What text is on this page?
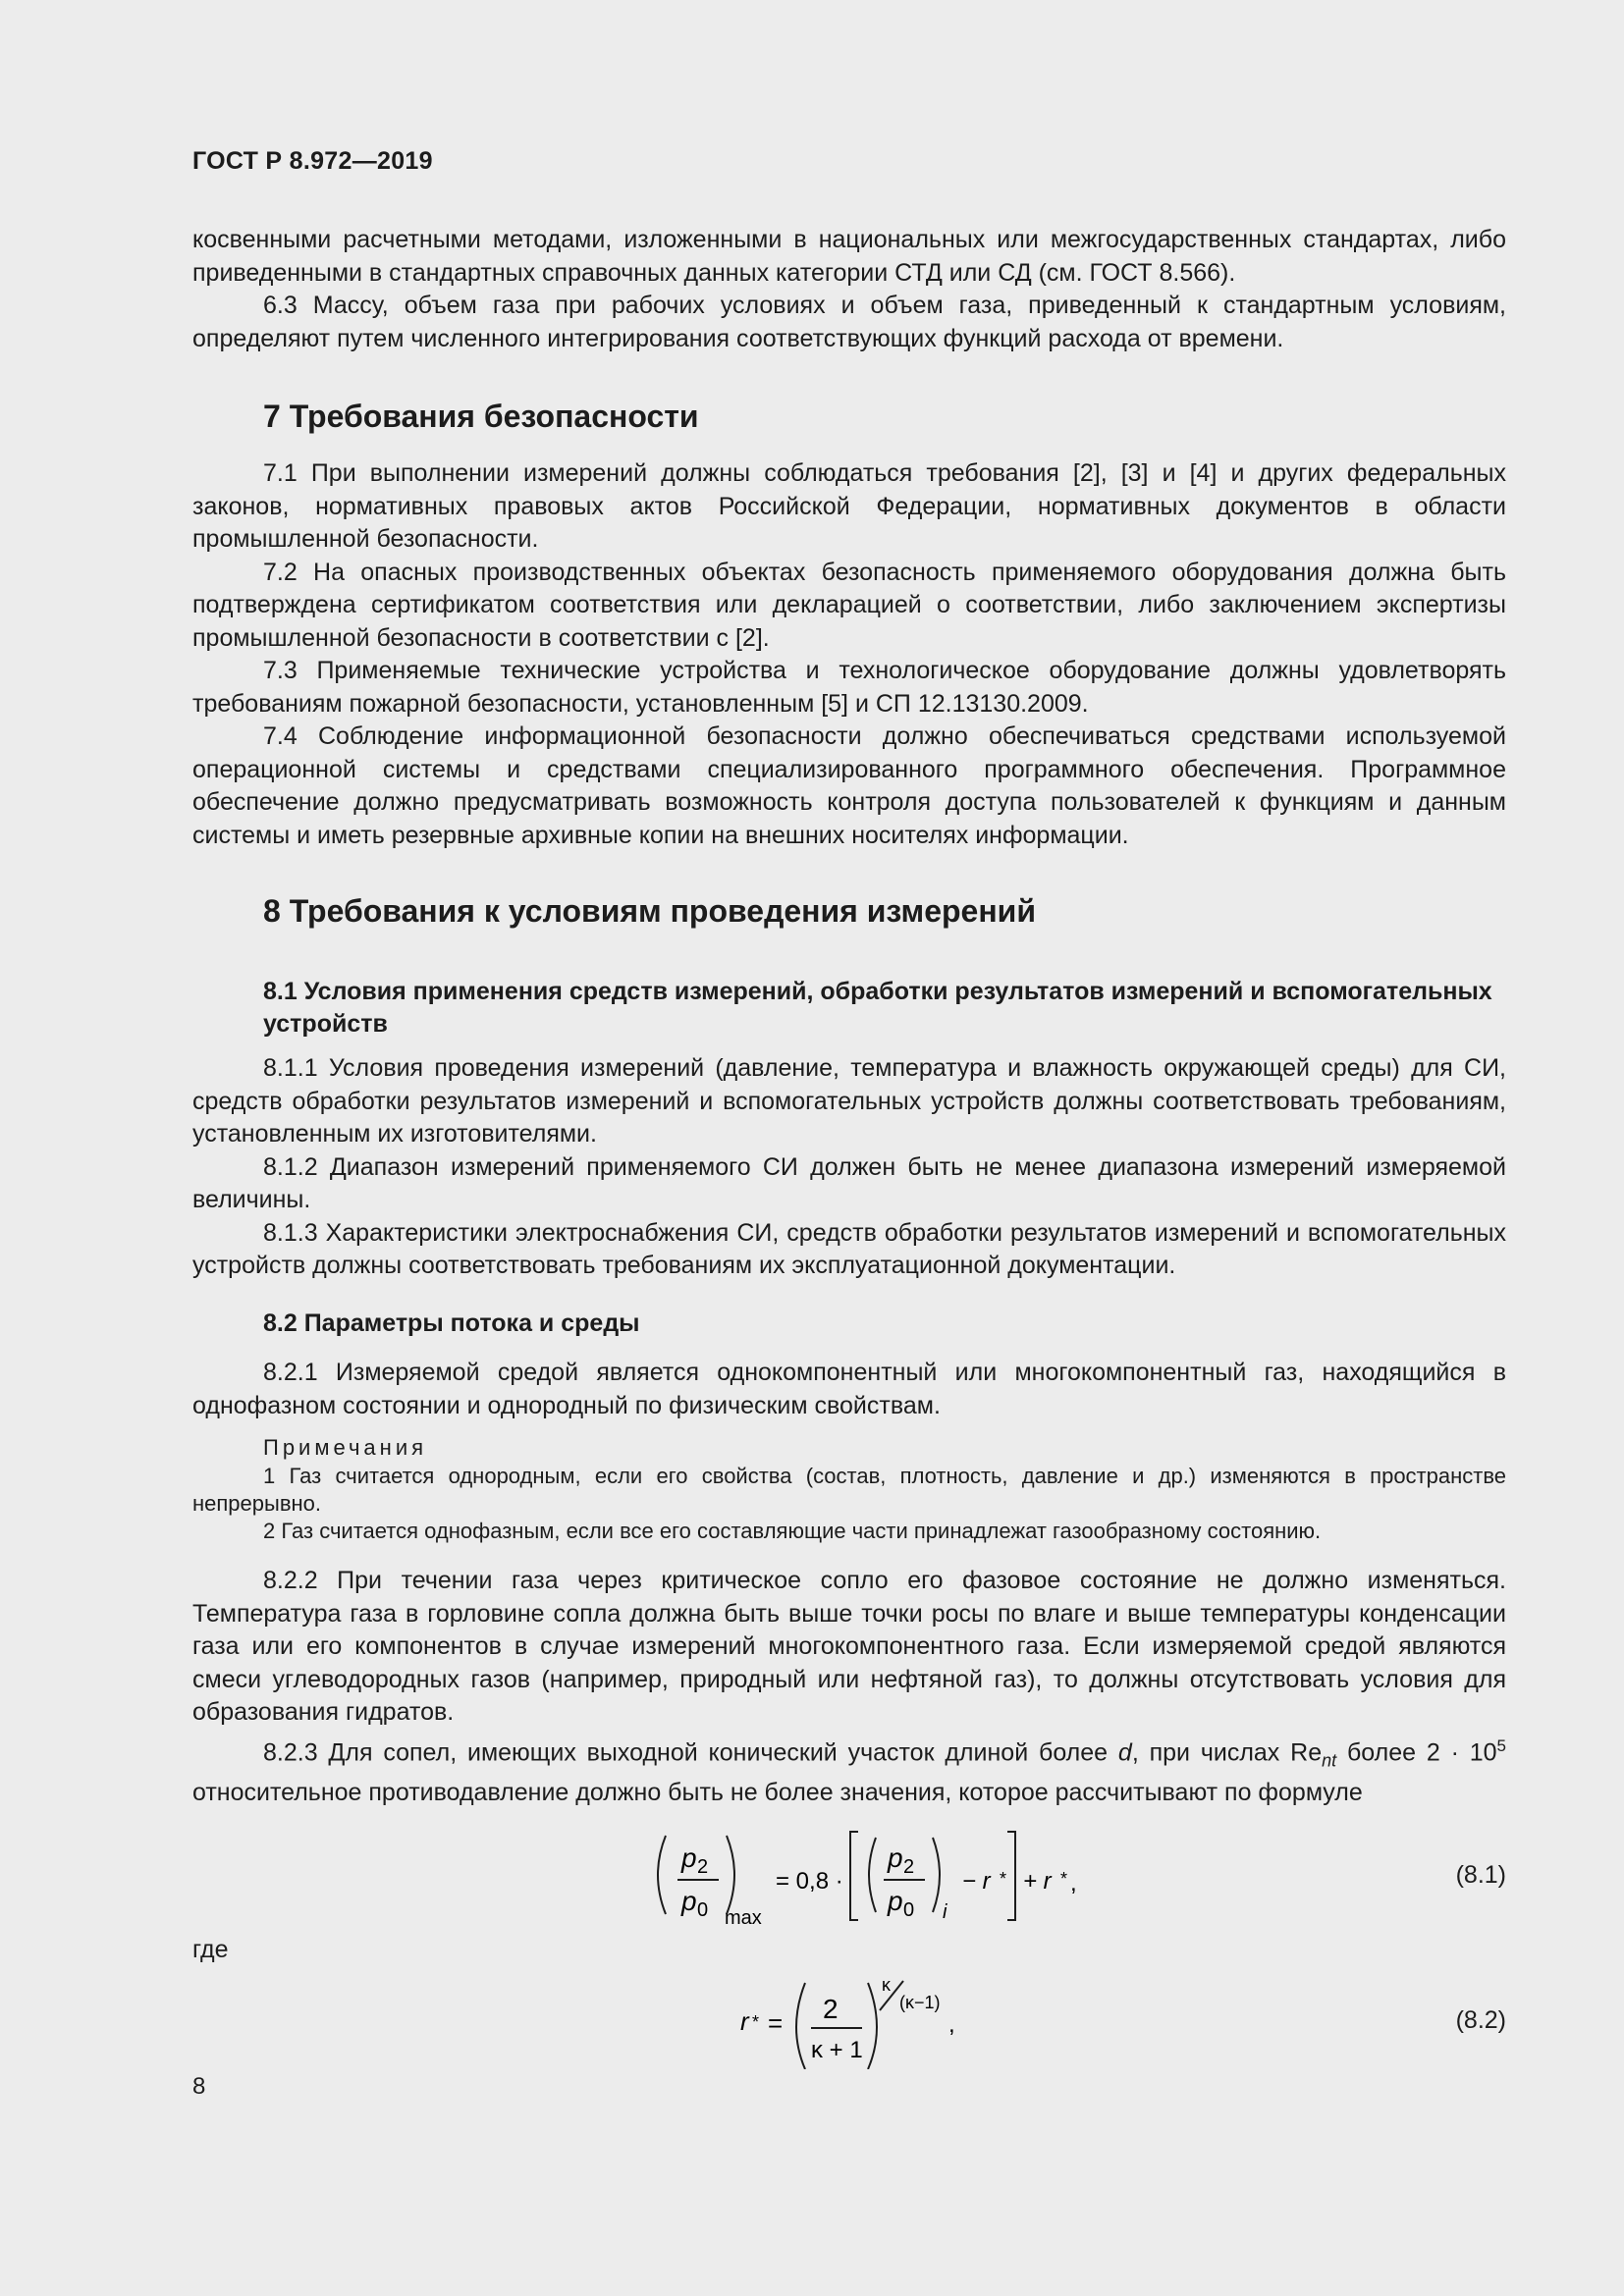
ГОСТ Р 8.972—2019

косвенными расчетными методами, изложенными в национальных или межгосударственных стандартах, либо приведенными в стандартных справочных данных категории СТД или СД (см. ГОСТ 8.566).

6.3 Массу, объем газа при рабочих условиях и объем газа, приведенный к стандартным условиям, определяют путем численного интегрирования соответствующих функций расхода от времени.

7 Требования безопасности

7.1 При выполнении измерений должны соблюдаться требования [2], [3] и [4] и других федеральных законов, нормативных правовых актов Российской Федерации, нормативных документов в области промышленной безопасности.

7.2 На опасных производственных объектах безопасность применяемого оборудования должна быть подтверждена сертификатом соответствия или декларацией о соответствии, либо заключением экспертизы промышленной безопасности в соответствии с [2].

7.3 Применяемые технические устройства и технологическое оборудование должны удовлетворять требованиям пожарной безопасности, установленным [5] и СП 12.13130.2009.

7.4 Соблюдение информационной безопасности должно обеспечиваться средствами используемой операционной системы и средствами специализированного программного обеспечения. Программное обеспечение должно предусматривать возможность контроля доступа пользователей к функциям и данным системы и иметь резервные архивные копии на внешних носителях информации.

8 Требования к условиям проведения измерений
8.1 Условия применения средств измерений, обработки результатов измерений и вспомогательных устройств

8.1.1 Условия проведения измерений (давление, температура и влажность окружающей среды) для СИ, средств обработки результатов измерений и вспомогательных устройств должны соответствовать требованиям, установленным их изготовителями.

8.1.2 Диапазон измерений применяемого СИ должен быть не менее диапазона измерений измеряемой величины.

8.1.3 Характеристики электроснабжения СИ, средств обработки результатов измерений и вспомогательных устройств должны соответствовать требованиям их эксплуатационной документации.

8.2 Параметры потока и среды

8.2.1 Измеряемой средой является однокомпонентный или многокомпонентный газ, находящийся в однофазном состоянии и однородный по физическим свойствам.

Примечания

1 Газ считается однородным, если его свойства (состав, плотность, давление и др.) изменяются в пространстве непрерывно.

2 Газ считается однофазным, если все его составляющие части принадлежат газообразному состоянию.

8.2.2 При течении газа через критическое сопло его фазовое состояние не должно изменяться. Температура газа в горловине сопла должна быть выше точки росы по влаге и выше температуры конденсации газа или его компонентов в случае измерений многокомпонентного газа. Если измеряемой средой являются смеси углеводородных газов (например, природный или нефтяной газ), то должны отсутствовать условия для образования гидратов.

8.2.3 Для сопел, имеющих выходной конический участок длиной более d, при числах $Re_{nt}$ более $2 \cdot 10^5$ относительное противодавление должно быть не более значения, которое рассчитывают по формуле

p 2
p 0 max
= 0,8 ·
p 2
p 0 i
− r * + r * ,	(8.1)
где
r * = 2
κ + 1
κ
(κ−1)
,	(8.2)
8
